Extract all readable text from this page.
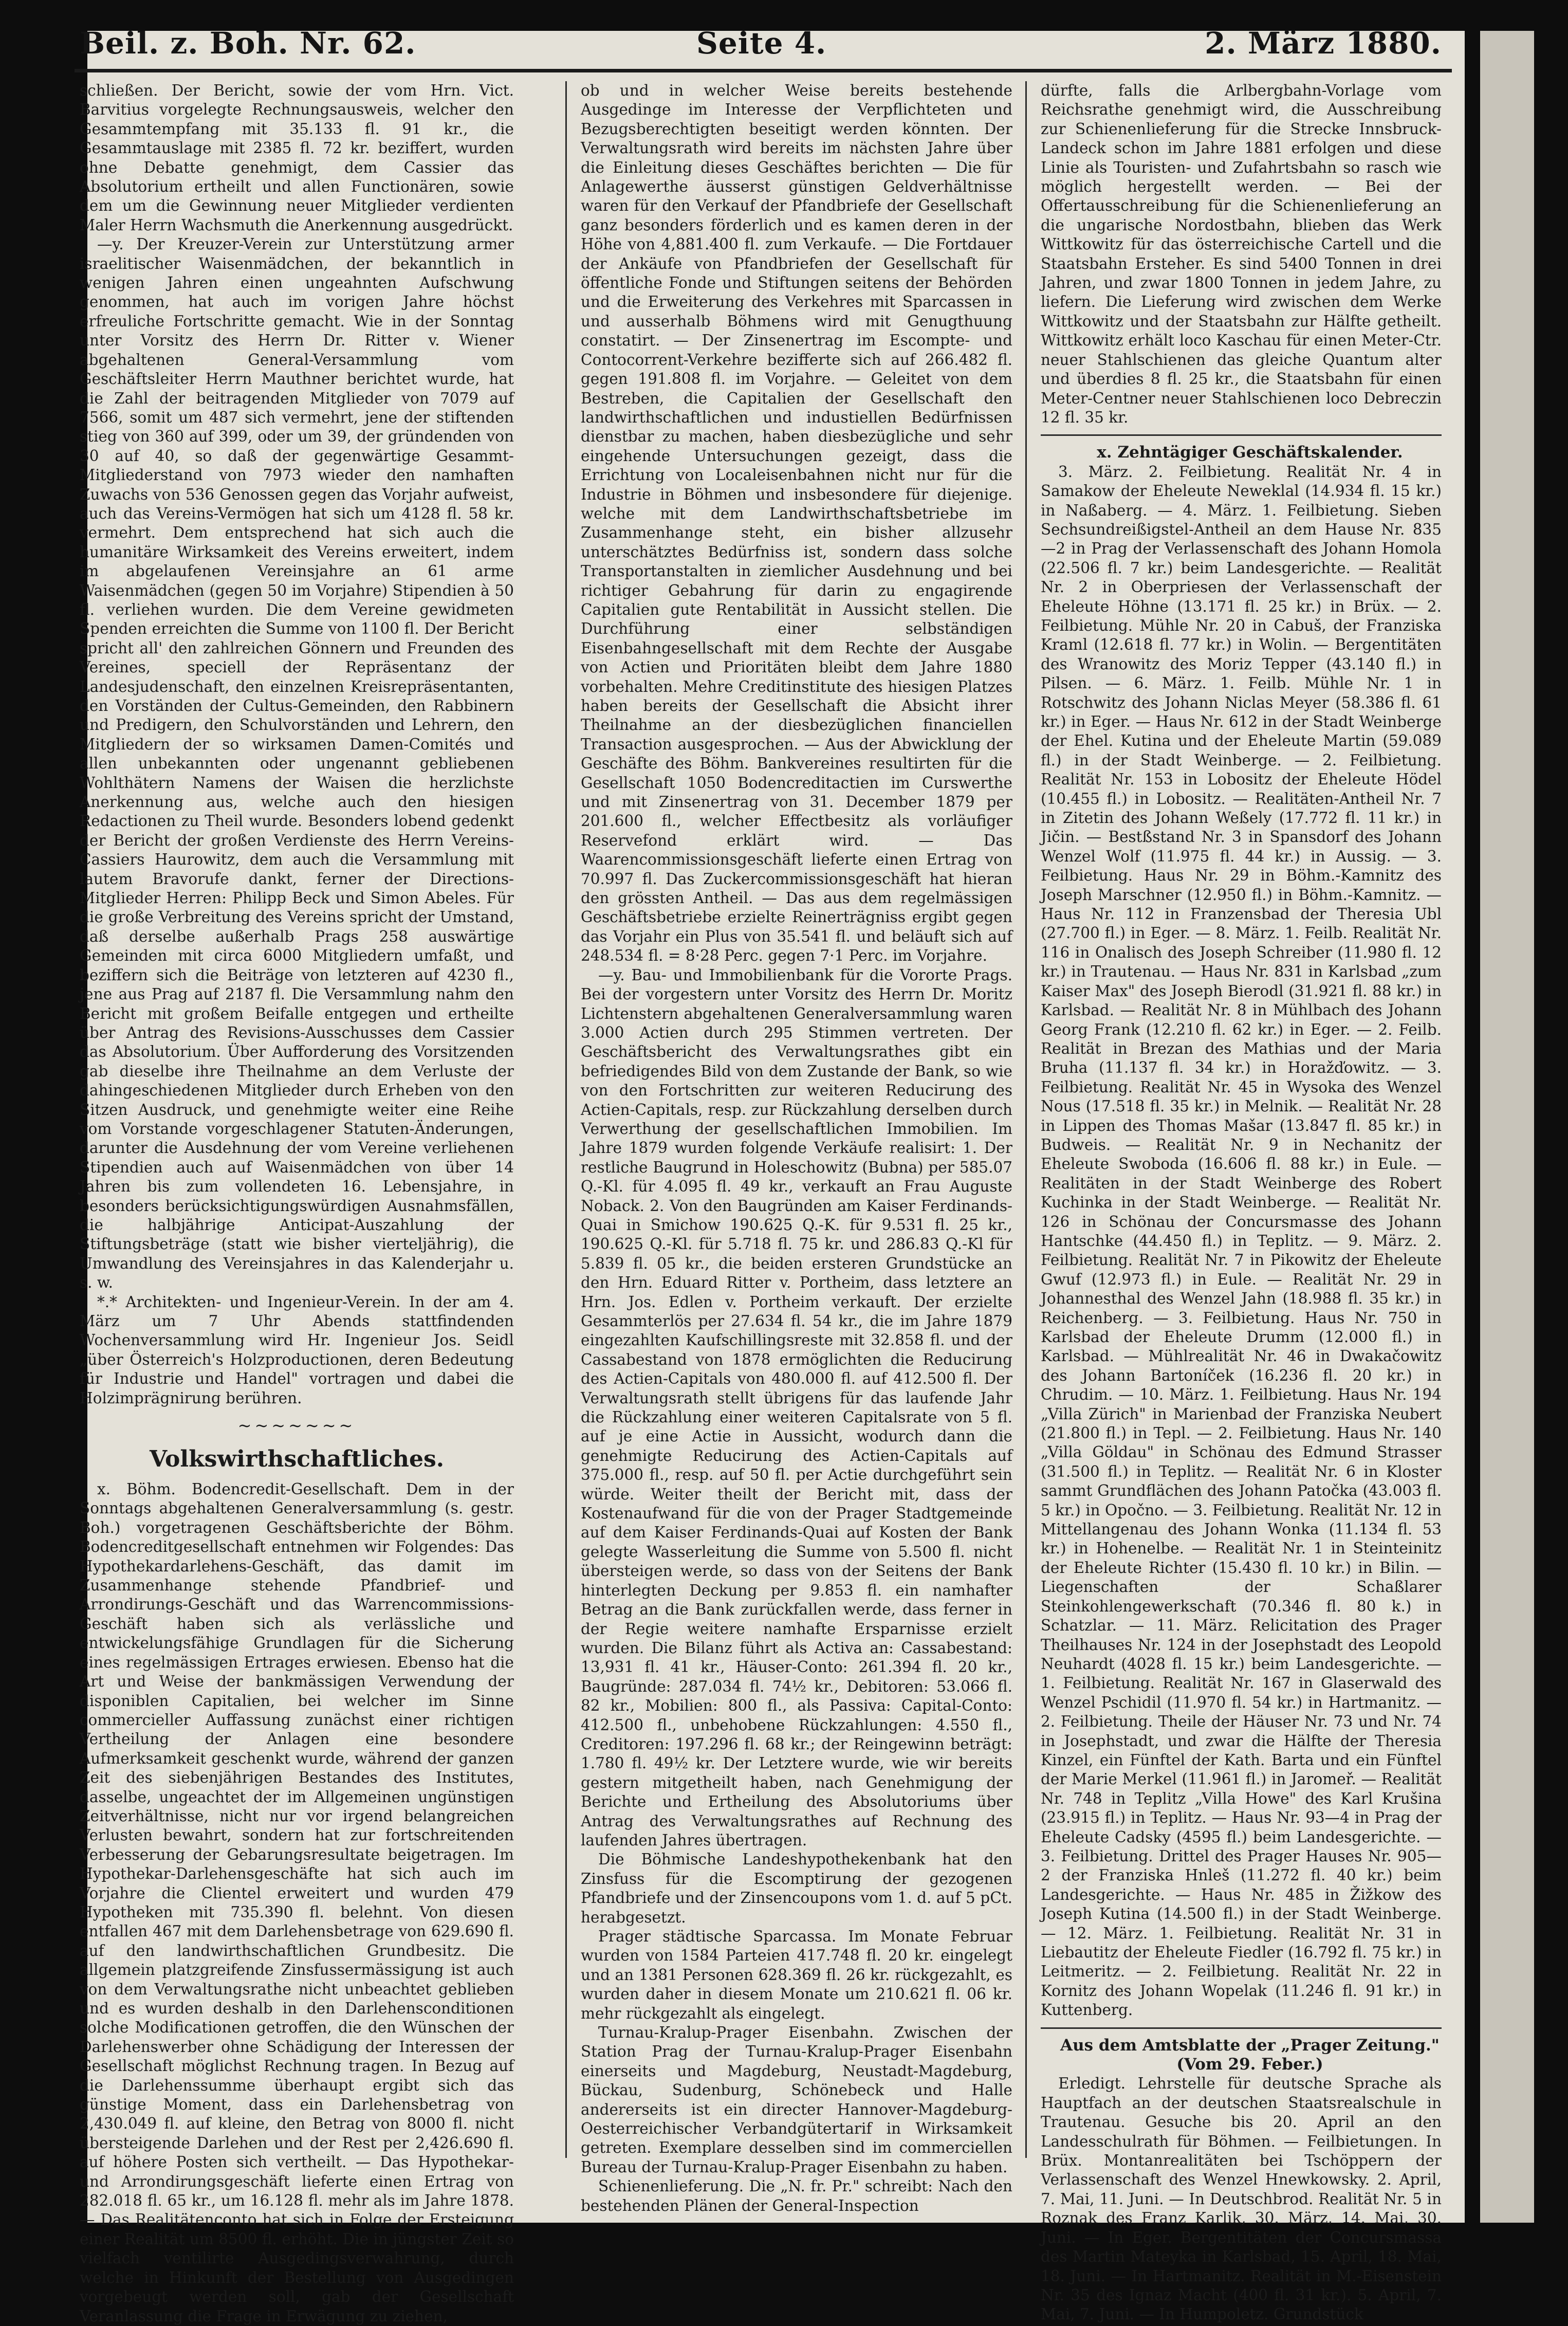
Beil. z. Boh. Nr. 62.	Seite 4.	2. März 1880.

schließen. Der Bericht, sowie der vom Hrn. Vict. Barvitius vorgelegte Rechnungsausweis, welcher den Gesammtempfang mit 35.133 fl. 91 kr., die Gesammtauslage mit 2385 fl. 72 kr. beziffert, wurden ohne Debatte genehmigt, dem Cassier das Absolutorium ertheilt und allen Functionären, sowie dem um die Gewinnung neuer Mitglieder verdienten Maler Herrn Wachsmuth die Anerkennung ausgedrückt.

—y. Der Kreuzer-Verein zur Unterstützung armer israelitischer Waisenmädchen, der bekanntlich in wenigen Jahren einen ungeahnten Aufschwung genommen, hat auch im vorigen Jahre höchst erfreuliche Fortschritte gemacht. Wie in der Sonntag unter Vorsitz des Herrn Dr. Ritter v. Wiener abgehaltenen General-Versammlung vom Geschäftsleiter Herrn Mauthner berichtet wurde, hat die Zahl der beitragenden Mitglieder von 7079 auf 7566, somit um 487 sich vermehrt, jene der stiftenden stieg von 360 auf 399, oder um 39, der gründenden von 30 auf 40, so daß der gegenwärtige Gesammt-Mitgliederstand von 7973 wieder den namhaften Zuwachs von 536 Genossen gegen das Vorjahr aufweist, auch das Vereins-Vermögen hat sich um 4128 fl. 58 kr. vermehrt. Dem entsprechend hat sich auch die humanitäre Wirksamkeit des Vereins erweitert, indem im abgelaufenen Vereinsjahre an 61 arme Waisenmädchen (gegen 50 im Vorjahre) Stipendien à 50 fl. verliehen wurden. Die dem Vereine gewidmeten Spenden erreichten die Summe von 1100 fl. Der Bericht spricht all' den zahlreichen Gönnern und Freunden des Vereines, speciell der Repräsentanz der Landesjudenschaft, den einzelnen Kreisrepräsentanten, den Vorständen der Cultus-Gemeinden, den Rabbinern und Predigern, den Schulvorständen und Lehrern, den Mitgliedern der so wirksamen Damen-Comités und allen unbekannten oder ungenannt gebliebenen Wohlthätern Namens der Waisen die herzlichste Anerkennung aus, welche auch den hiesigen Redactionen zu Theil wurde. Besonders lobend gedenkt der Bericht der großen Verdienste des Herrn Vereins-Cassiers Haurowitz, dem auch die Versammlung mit lautem Bravorufe dankt, ferner der Directions-Mitglieder Herren: Philipp Beck und Simon Abeles. Für die große Verbreitung des Vereins spricht der Umstand, daß derselbe außerhalb Prags 258 auswärtige Gemeinden mit circa 6000 Mitgliedern umfaßt, und beziffern sich die Beiträge von letzteren auf 4230 fl., jene aus Prag auf 2187 fl. Die Versammlung nahm den Bericht mit großem Beifalle entgegen und ertheilte über Antrag des Revisions-Ausschusses dem Cassier das Absolutorium. Über Aufforderung des Vorsitzenden gab dieselbe ihre Theilnahme an dem Verluste der dahingeschiedenen Mitglieder durch Erheben von den Sitzen Ausdruck, und genehmigte weiter eine Reihe vom Vorstande vorgeschlagener Statuten-Änderungen, darunter die Ausdehnung der vom Vereine verliehenen Stipendien auch auf Waisenmädchen von über 14 Jahren bis zum vollendeten 16. Lebensjahre, in besonders berücksichtigungswürdigen Ausnahmsfällen, die halbjährige Anticipat-Auszahlung der Stiftungsbeträge (statt wie bisher vierteljährig), die Umwandlung des Vereinsjahres in das Kalenderjahr u. s. w.

*.* Architekten- und Ingenieur-Verein. In der am 4. März um 7 Uhr Abends stattfindenden Wochenversammlung wird Hr. Ingenieur Jos. Seidl „über Österreich's Holzproductionen, deren Bedeutung für Industrie und Handel" vortragen und dabei die Holzimprägnirung berühren.

~~~~~~~
Volkswirthschaftliches.

x. Böhm. Bodencredit-Gesellschaft. Dem in der Sonntags abgehaltenen Generalversammlung (s. gestr. Boh.) vorgetragenen Geschäftsberichte der Böhm. Bodencreditgesellschaft entnehmen wir Folgendes: Das Hypothekardarlehens-Geschäft, das damit im Zusammenhange stehende Pfandbrief- und Arrondirungs-Geschäft und das Warrencommissions-Geschäft haben sich als verlässliche und entwickelungsfähige Grundlagen für die Sicherung eines regelmässigen Ertrages erwiesen. Ebenso hat die Art und Weise der bankmässigen Verwendung der disponiblen Capitalien, bei welcher im Sinne commercieller Auffassung zunächst einer richtigen Vertheilung der Anlagen eine besondere Aufmerksamkeit geschenkt wurde, während der ganzen Zeit des siebenjährigen Bestandes des Institutes, dasselbe, ungeachtet der im Allgemeinen ungünstigen Zeitverhältnisse, nicht nur vor irgend belangreichen Verlusten bewahrt, sondern hat zur fortschreitenden Verbesserung der Gebarungsresultate beigetragen. Im Hypothekar-Darlehensgeschäfte hat sich auch im Vorjahre die Clientel erweitert und wurden 479 Hypotheken mit 735.390 fl. belehnt. Von diesen entfallen 467 mit dem Darlehensbetrage von 629.690 fl. auf den landwirthschaftlichen Grundbesitz. Die allgemein platzgreifende Zinsfussermässigung ist auch von dem Verwaltungsrathe nicht unbeachtet geblieben und es wurden deshalb in den Darlehensconditionen solche Modificationen getroffen, die den Wünschen der Darlehenswerber ohne Schädigung der Interessen der Gesellschaft möglichst Rechnung tragen. In Bezug auf die Darlehenssumme überhaupt ergibt sich das günstige Moment, dass ein Darlehensbetrag von 2,430.049 fl. auf kleine, den Betrag von 8000 fl. nicht übersteigende Darlehen und der Rest per 2,426.690 fl. auf höhere Posten sich vertheilt. — Das Hypothekar- und Arrondirungsgeschäft lieferte einen Ertrag von 282.018 fl. 65 kr., um 16.128 fl. mehr als im Jahre 1878. — Das Realitätenconto hat sich in Folge der Ersteigung einer Realität um 8500 fl. erhöht. Die in jüngster Zeit so vielfach ventilirte Ausgedingsverwahrung, durch welche in Hinkunft der Bestellung von Ausgedingen vorgebeugt werden soll, gab der Gesellschaft Veranlassung die Frage in Erwägung zu ziehen,

ob und in welcher Weise bereits bestehende Ausgedinge im Interesse der Verpflichteten und Bezugsberechtigten beseitigt werden könnten. Der Verwaltungsrath wird bereits im nächsten Jahre über die Einleitung dieses Geschäftes berichten — Die für Anlagewerthe äusserst günstigen Geldverhältnisse waren für den Verkauf der Pfandbriefe der Gesellschaft ganz besonders förderlich und es kamen deren in der Höhe von 4,881.400 fl. zum Verkaufe. — Die Fortdauer der Ankäufe von Pfandbriefen der Gesellschaft für öffentliche Fonde und Stiftungen seitens der Behörden und die Erweiterung des Verkehres mit Sparcassen in und ausserhalb Böhmens wird mit Genugthuung constatirt. — Der Zinsenertrag im Escompte- und Contocorrent-Verkehre bezifferte sich auf 266.482 fl. gegen 191.808 fl. im Vorjahre. — Geleitet von dem Bestreben, die Capitalien der Gesellschaft den landwirthschaftlichen und industiellen Bedürfnissen dienstbar zu machen, haben diesbezügliche und sehr eingehende Untersuchungen gezeigt, dass die Errichtung von Localeisenbahnen nicht nur für die Industrie in Böhmen und insbesondere für diejenige. welche mit dem Landwirthschaftsbetriebe im Zusammenhange steht, ein bisher allzusehr unterschätztes Bedürfniss ist, sondern dass solche Transportanstalten in ziemlicher Ausdehnung und bei richtiger Gebahrung für darin zu engagirende Capitalien gute Rentabilität in Aussicht stellen. Die Durchführung einer selbständigen Eisenbahngesellschaft mit dem Rechte der Ausgabe von Actien und Prioritäten bleibt dem Jahre 1880 vorbehalten. Mehre Creditinstitute des hiesigen Platzes haben bereits der Gesellschaft die Absicht ihrer Theilnahme an der diesbezüglichen financiellen Transaction ausgesprochen. — Aus der Abwicklung der Geschäfte des Böhm. Bankvereines resultirten für die Gesellschaft 1050 Bodencreditactien im Curswerthe und mit Zinsenertrag von 31. December 1879 per 201.600 fl., welcher Effectbesitz als vorläufiger Reservefond erklärt wird. — Das Waarencommissionsgeschäft lieferte einen Ertrag von 70.997 fl. Das Zuckercommissionsgeschäft hat hieran den grössten Antheil. — Das aus dem regelmässigen Geschäftsbetriebe erzielte Reinerträgniss ergibt gegen das Vorjahr ein Plus von 35.541 fl. und beläuft sich auf 248.534 fl. = 8·28 Perc. gegen 7·1 Perc. im Vorjahre.

—y. Bau- und Immobilienbank für die Vororte Prags. Bei der vorgestern unter Vorsitz des Herrn Dr. Moritz Lichtenstern abgehaltenen Generalversammlung waren 3.000 Actien durch 295 Stimmen vertreten. Der Geschäftsbericht des Verwaltungsrathes gibt ein befriedigendes Bild von dem Zustande der Bank, so wie von den Fortschritten zur weiteren Reducirung des Actien-Capitals, resp. zur Rückzahlung derselben durch Verwerthung der gesellschaftlichen Immobilien. Im Jahre 1879 wurden folgende Verkäufe realisirt: 1. Der restliche Baugrund in Holeschowitz (Bubna) per 585.07 Q.-Kl. für 4.095 fl. 49 kr., verkauft an Frau Auguste Noback. 2. Von den Baugründen am Kaiser Ferdinands-Quai in Smichow 190.625 Q.-K. für 9.531 fl. 25 kr., 190.625 Q.-Kl. für 5.718 fl. 75 kr. und 286.83 Q.-Kl für 5.839 fl. 05 kr., die beiden ersteren Grundstücke an den Hrn. Eduard Ritter v. Portheim, dass letztere an Hrn. Jos. Edlen v. Portheim verkauft. Der erzielte Gesammterlös per 27.634 fl. 54 kr., die im Jahre 1879 eingezahlten Kaufschillingsreste mit 32.858 fl. und der Cassabestand von 1878 ermöglichten die Reducirung des Actien-Capitals von 480.000 fl. auf 412.500 fl. Der Verwaltungsrath stellt übrigens für das laufende Jahr die Rückzahlung einer weiteren Capitalsrate von 5 fl. auf je eine Actie in Aussicht, wodurch dann die genehmigte Reducirung des Actien-Capitals auf 375.000 fl., resp. auf 50 fl. per Actie durchgeführt sein würde. Weiter theilt der Bericht mit, dass der Kostenaufwand für die von der Prager Stadtgemeinde auf dem Kaiser Ferdinands-Quai auf Kosten der Bank gelegte Wasserleitung die Summe von 5.500 fl. nicht übersteigen werde, so dass von der Seitens der Bank hinterlegten Deckung per 9.853 fl. ein namhafter Betrag an die Bank zurückfallen werde, dass ferner in der Regie weitere namhafte Ersparnisse erzielt wurden. Die Bilanz führt als Activa an: Cassabestand: 13,931 fl. 41 kr., Häuser-Conto: 261.394 fl. 20 kr., Baugründe: 287.034 fl. 74½ kr., Debitoren: 53.066 fl. 82 kr., Mobilien: 800 fl., als Passiva: Capital-Conto: 412.500 fl., unbehobene Rückzahlungen: 4.550 fl., Creditoren: 197.296 fl. 68 kr.; der Reingewinn beträgt: 1.780 fl. 49½ kr. Der Letztere wurde, wie wir bereits gestern mitgetheilt haben, nach Genehmigung der Berichte und Ertheilung des Absolutoriums über Antrag des Verwaltungsrathes auf Rechnung des laufenden Jahres übertragen.

Die Böhmische Landeshypothekenbank hat den Zinsfuss für die Escomptirung der gezogenen Pfandbriefe und der Zinsencoupons vom 1. d. auf 5 pCt. herabgesetzt.

Prager städtische Sparcassa. Im Monate Februar wurden von 1584 Parteien 417.748 fl. 20 kr. eingelegt und an 1381 Personen 628.369 fl. 26 kr. rückgezahlt, es wurden daher in diesem Monate um 210.621 fl. 06 kr. mehr rückgezahlt als eingelegt.

Turnau-Kralup-Prager Eisenbahn. Zwischen der Station Prag der Turnau-Kralup-Prager Eisenbahn einerseits und Magdeburg, Neustadt-Magdeburg, Bückau, Sudenburg, Schönebeck und Halle andererseits ist ein directer Hannover-Magdeburg-Oesterreichischer Verbandgütertarif in Wirksamkeit getreten. Exemplare desselben sind im commerciellen Bureau der Turnau-Kralup-Prager Eisenbahn zu haben.

Schienenlieferung. Die „N. fr. Pr." schreibt: Nach den bestehenden Plänen der General-Inspection

dürfte, falls die Arlbergbahn-Vorlage vom Reichsrathe genehmigt wird, die Ausschreibung zur Schienenlieferung für die Strecke Innsbruck-Landeck schon im Jahre 1881 erfolgen und diese Linie als Touristen- und Zufahrtsbahn so rasch wie möglich hergestellt werden. — Bei der Offertausschreibung für die Schienenlieferung an die ungarische Nordostbahn, blieben das Werk Wittkowitz für das österreichische Cartell und die Staatsbahn Ersteher. Es sind 5400 Tonnen in drei Jahren, und zwar 1800 Tonnen in jedem Jahre, zu liefern. Die Lieferung wird zwischen dem Werke Wittkowitz und der Staatsbahn zur Hälfte getheilt. Wittkowitz erhält loco Kaschau für einen Meter-Ctr. neuer Stahlschienen das gleiche Quantum alter und überdies 8 fl. 25 kr., die Staatsbahn für einen Meter-Centner neuer Stahlschienen loco Debreczin 12 fl. 35 kr.

x. Zehntägiger Geschäftskalender.

3. März. 2. Feilbietung. Realität Nr. 4 in Samakow der Eheleute Neweklal (14.934 fl. 15 kr.) in Naßaberg. — 4. März. 1. Feilbietung. Sieben Sechsundreißigstel-Antheil an dem Hause Nr. 835—2 in Prag der Verlassenschaft des Johann Homola (22.506 fl. 7 kr.) beim Landesgerichte. — Realität Nr. 2 in Oberpriesen der Verlassenschaft der Eheleute Höhne (13.171 fl. 25 kr.) in Brüx. — 2. Feilbietung. Mühle Nr. 20 in Cabuš, der Franziska Kraml (12.618 fl. 77 kr.) in Wolin. — Bergentitäten des Wranowitz des Moriz Tepper (43.140 fl.) in Pilsen. — 6. März. 1. Feilb. Mühle Nr. 1 in Rotschwitz des Johann Niclas Meyer (58.386 fl. 61 kr.) in Eger. — Haus Nr. 612 in der Stadt Weinberge der Ehel. Kutina und der Eheleute Martin (59.089 fl.) in der Stadt Weinberge. — 2. Feilbietung. Realität Nr. 153 in Lobositz der Eheleute Hödel (10.455 fl.) in Lobositz. — Realitäten-Antheil Nr. 7 in Zitetin des Johann Weßely (17.772 fl. 11 kr.) in Jičin. — Bestßstand Nr. 3 in Spansdorf des Johann Wenzel Wolf (11.975 fl. 44 kr.) in Aussig. — 3. Feilbietung. Haus Nr. 29 in Böhm.-Kamnitz des Joseph Marschner (12.950 fl.) in Böhm.-Kamnitz. — Haus Nr. 112 in Franzensbad der Theresia Ubl (27.700 fl.) in Eger. — 8. März. 1. Feilb. Realität Nr. 116 in Onalisch des Joseph Schreiber (11.980 fl. 12 kr.) in Trautenau. — Haus Nr. 831 in Karlsbad „zum Kaiser Max" des Joseph Bierodl (31.921 fl. 88 kr.) in Karlsbad. — Realität Nr. 8 in Mühlbach des Johann Georg Frank (12.210 fl. 62 kr.) in Eger. — 2. Feilb. Realität in Brezan des Mathias und der Maria Bruha (11.137 fl. 34 kr.) in Horažďowitz. — 3. Feilbietung. Realität Nr. 45 in Wysoka des Wenzel Nous (17.518 fl. 35 kr.) in Melnik. — Realität Nr. 28 in Lippen des Thomas Mašar (13.847 fl. 85 kr.) in Budweis. — Realität Nr. 9 in Nechanitz der Eheleute Swoboda (16.606 fl. 88 kr.) in Eule. — Realitäten in der Stadt Weinberge des Robert Kuchinka in der Stadt Weinberge. — Realität Nr. 126 in Schönau der Concursmasse des Johann Hantschke (44.450 fl.) in Teplitz. — 9. März. 2. Feilbietung. Realität Nr. 7 in Pikowitz der Eheleute Gwuf (12.973 fl.) in Eule. — Realität Nr. 29 in Johannesthal des Wenzel Jahn (18.988 fl. 35 kr.) in Reichenberg. — 3. Feilbietung. Haus Nr. 750 in Karlsbad der Eheleute Drumm (12.000 fl.) in Karlsbad. — Mühlrealität Nr. 46 in Dwakačowitz des Johann Bartoníček (16.236 fl. 20 kr.) in Chrudim. — 10. März. 1. Feilbietung. Haus Nr. 194 „Villa Zürich" in Marienbad der Franziska Neubert (21.800 fl.) in Tepl. — 2. Feilbietung. Haus Nr. 140 „Villa Göldau" in Schönau des Edmund Strasser (31.500 fl.) in Teplitz. — Realität Nr. 6 in Kloster sammt Grundflächen des Johann Patočka (43.003 fl. 5 kr.) in Opočno. — 3. Feilbietung. Realität Nr. 12 in Mittellangenau des Johann Wonka (11.134 fl. 53 kr.) in Hohenelbe. — Realität Nr. 1 in Steinteinitz der Eheleute Richter (15.430 fl. 10 kr.) in Bilin. — Liegenschaften der Schaßlarer Steinkohlengewerkschaft (70.346 fl. 80 k.) in Schatzlar. — 11. März. Relicitation des Prager Theilhauses Nr. 124 in der Josephstadt des Leopold Neuhardt (4028 fl. 15 kr.) beim Landesgerichte. — 1. Feilbietung. Realität Nr. 167 in Glaserwald des Wenzel Pschidil (11.970 fl. 54 kr.) in Hartmanitz. — 2. Feilbietung. Theile der Häuser Nr. 73 und Nr. 74 in Josephstadt, und zwar die Hälfte der Theresia Kinzel, ein Fünftel der Kath. Barta und ein Fünftel der Marie Merkel (11.961 fl.) in Jaromeř. — Realität Nr. 748 in Teplitz „Villa Howe" des Karl Krušina (23.915 fl.) in Teplitz. — Haus Nr. 93—4 in Prag der Eheleute Cadsky (4595 fl.) beim Landesgerichte. — 3. Feilbietung. Drittel des Prager Hauses Nr. 905—2 der Franziska Hnleš (11.272 fl. 40 kr.) beim Landesgerichte. — Haus Nr. 485 in Žižkow des Joseph Kutina (14.500 fl.) in der Stadt Weinberge. — 12. März. 1. Feilbietung. Realität Nr. 31 in Liebautitz der Eheleute Fiedler (16.792 fl. 75 kr.) in Leitmeritz. — 2. Feilbietung. Realität Nr. 22 in Kornitz des Johann Wopelak (11.246 fl. 91 kr.) in Kuttenberg.

Aus dem Amtsblatte der „Prager Zeitung."

(Vom 29. Feber.)

Erledigt. Lehrstelle für deutsche Sprache als Hauptfach an der deutschen Staatsrealschule in Trautenau. Gesuche bis 20. April an den Landesschulrath für Böhmen. — Feilbietungen. In Brüx. Montanrealitäten bei Tschöppern der Verlassenschaft des Wenzel Hnewkowsky. 2. April, 7. Mai, 11. Juni. — In Deutschbrod. Realität Nr. 5 in Roznak des Franz Karlik, 30. März, 14. Mai, 30. Juni. — In Eger. Bergentitäten der Concursmassa des Martin Mateyka in Karlsbad, 15. April, 18. Mai, 18. Juni. — In Hartmanitz. Realität in M.-Eisenstein Nr. 35 des Ignaz Macht (400 fl. 31 kr.). 5. April, 7. Mai, 7. Juni. — In Humpoletz. Grundstück
